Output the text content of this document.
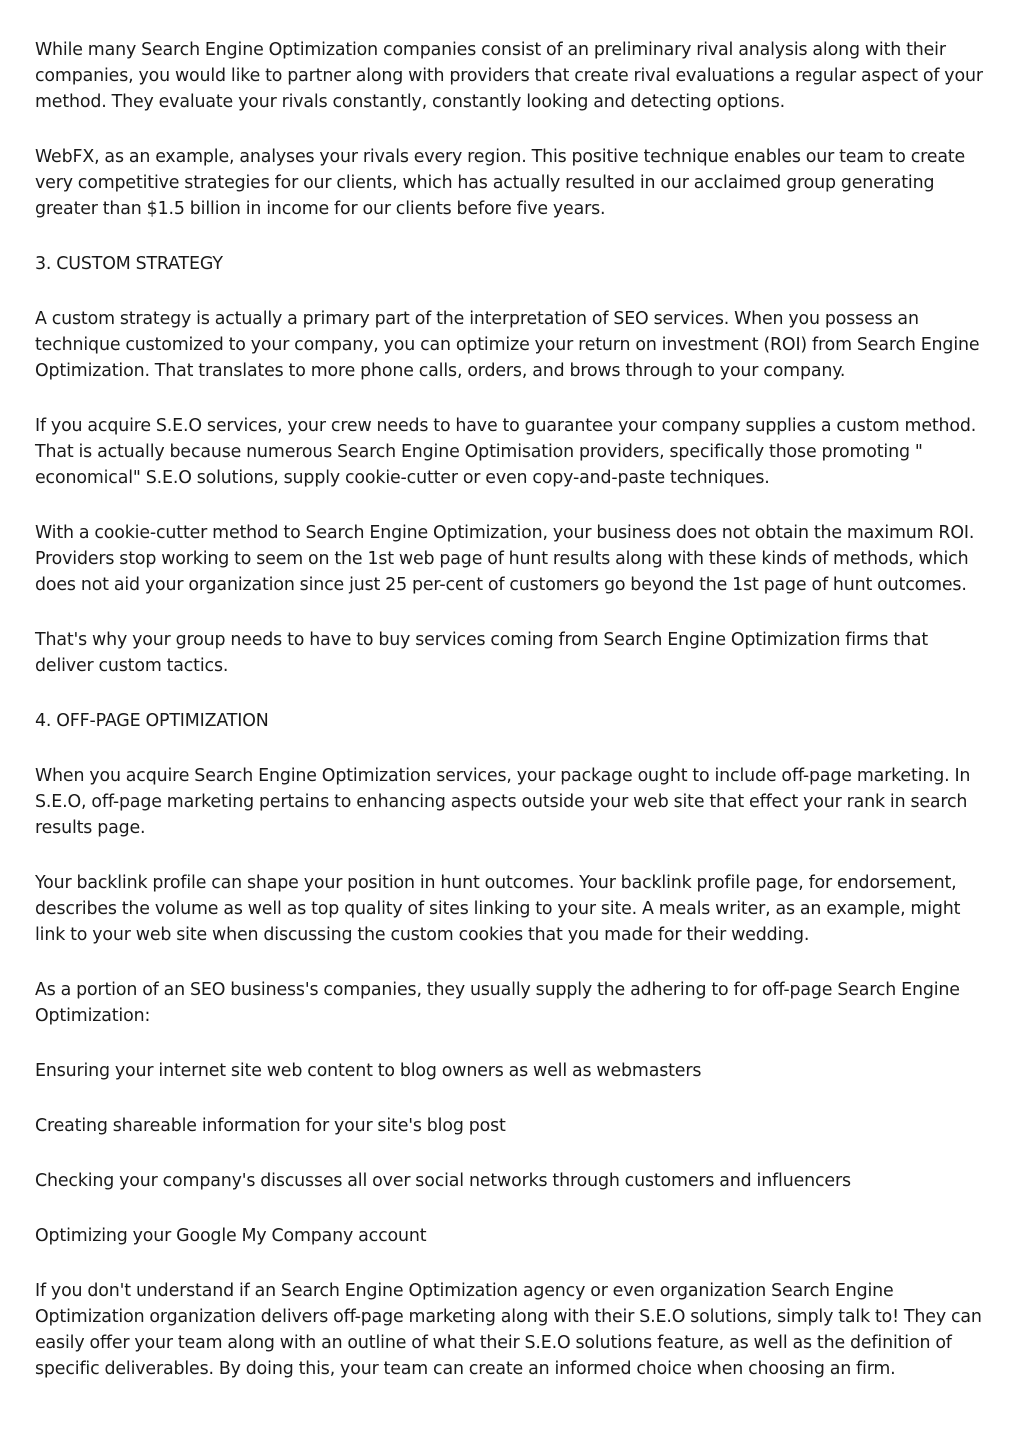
While many Search Engine Optimization companies consist of an preliminary rival analysis along with their companies, you would like to partner along with providers that create rival evaluations a regular aspect of your method. They evaluate your rivals constantly, constantly looking and detecting options.

WebFX, as an example, analyses your rivals every region. This positive technique enables our team to create very competitive strategies for our clients, which has actually resulted in our acclaimed group generating greater than $1.5 billion in income for our clients before five years.

3. CUSTOM STRATEGY

A custom strategy is actually a primary part of the interpretation of SEO services. When you possess an technique customized to your company, you can optimize your return on investment (ROI) from Search Engine Optimization. That translates to more phone calls, orders, and brows through to your company.

If you acquire S.E.O services, your crew needs to have to guarantee your company supplies a custom method. That is actually because numerous Search Engine Optimisation providers, specifically those promoting " economical" S.E.O solutions, supply cookie-cutter or even copy-and-paste techniques.

With a cookie-cutter method to Search Engine Optimization, your business does not obtain the maximum ROI. Providers stop working to seem on the 1st web page of hunt results along with these kinds of methods, which does not aid your organization since just 25 per-cent of customers go beyond the 1st page of hunt outcomes.

That's why your group needs to have to buy services coming from Search Engine Optimization firms that deliver custom tactics.

4. OFF-PAGE OPTIMIZATION

When you acquire Search Engine Optimization services, your package ought to include off-page marketing. In S.E.O, off-page marketing pertains to enhancing aspects outside your web site that effect your rank in search results page.

Your backlink profile can shape your position in hunt outcomes. Your backlink profile page, for endorsement, describes the volume as well as top quality of sites linking to your site. A meals writer, as an example, might link to your web site when discussing the custom cookies that you made for their wedding.

As a portion of an SEO business's companies, they usually supply the adhering to for off-page Search Engine Optimization:

Ensuring your internet site web content to blog owners as well as webmasters

Creating shareable information for your site's blog post

Checking your company's discusses all over social networks through customers and influencers

Optimizing your Google My Company account

If you don't understand if an Search Engine Optimization agency or even organization Search Engine Optimization organization delivers off-page marketing along with their S.E.O solutions, simply talk to! They can easily offer your team along with an outline of what their S.E.O solutions feature, as well as the definition of specific deliverables. By doing this, your team can create an informed choice when choosing an firm.
